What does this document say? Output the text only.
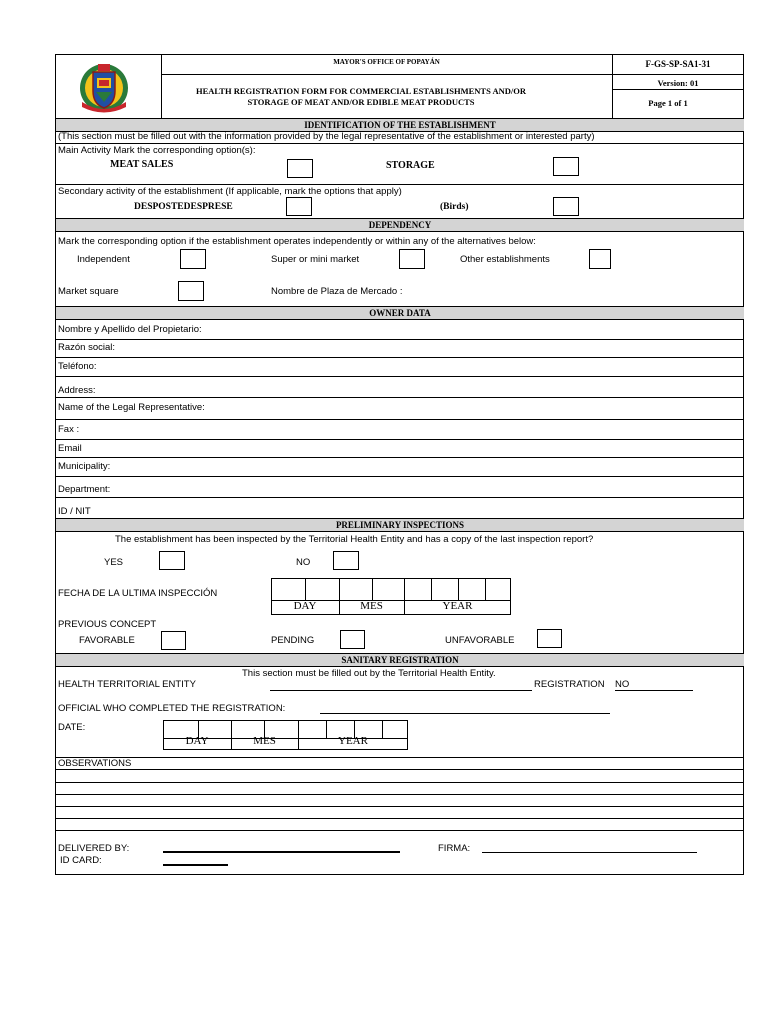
MAYOR'S OFFICE OF POPAYÁN
HEALTH REGISTRATION FORM FOR COMMERCIAL ESTABLISHMENTS AND/OR
STORAGE OF MEAT AND/OR EDIBLE MEAT PRODUCTS
F-GS-SP-SA1-31
Version: 01
Page 1 of 1
IDENTIFICATION OF THE ESTABLISHMENT
(This section must be filled out with the information provided by the legal representative of the establishment or interested party)
Main Activity Mark the corresponding option(s):
MEAT SALES	STORAGE
Secondary activity of the establishment (If applicable, mark the options that apply)
DESPOSTEDESPRESE	(Birds)
DEPENDENCY
Mark the corresponding option if the establishment operates independently or within any of the alternatives below:
Independent	Super or mini market	Other establishments
Market square	Nombre de Plaza de Mercado :
OWNER DATA
Nombre y Apellido del Propietario:
Razón social:
Teléfono:
Address:
Name of the Legal Representative:
Fax :
Email
Municipality:
Department:
ID / NIT
PRELIMINARY INSPECTIONS
The establishment has been inspected by the Territorial Health Entity and has a copy of the last inspection report?
YES	NO
FECHA DE LA ULTIMA INSPECCIÓN
DAY	MES	YEAR
PREVIOUS CONCEPT
FAVORABLE	PENDING	UNFAVORABLE
SANITARY REGISTRATION
This section must be filled out by the Territorial Health Entity.
HEALTH TERRITORIAL ENTITY	REGISTRATION NO
OFFICIAL WHO COMPLETED THE REGISTRATION:
DATE:
DAY	MES	YEAR
OBSERVATIONS
DELIVERED BY:
ID CARD:
FIRMA:
